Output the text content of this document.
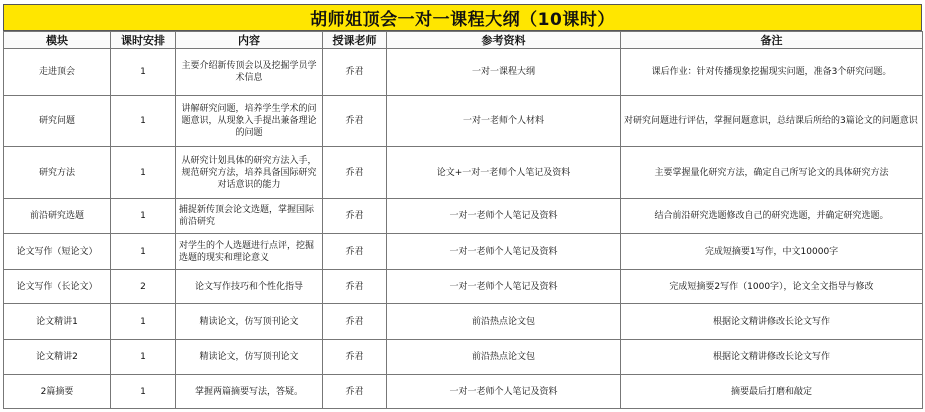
胡师姐顶会一对一课程大纲（10课时）
模块	课时安排	内容	授课老师	参考资料	备注
走进顶会	1	主要介绍新传顶会以及挖掘学员学术信息	乔君	一对一课程大纲	课后作业：针对传播现象挖掘现实问题，准备3个研究问题。
研究问题	1	讲解研究问题，培养学生学术的问题意识，从现象入手提出兼备理论的问题	乔君	一对一老师个人材料	对研究问题进行评估，掌握问题意识，总结课后所给的3篇论文的问题意识
研究方法	1	从研究计划具体的研究方法入手，规范研究方法，培养具备国际研究对话意识的能力	乔君	论文+一对一老师个人笔记及资料	主要掌握量化研究方法，确定自己所写论文的具体研究方法
前沿研究选题	1	捕捉新传顶会论文选题，掌握国际前沿研究	乔君	一对一老师个人笔记及资料	结合前沿研究选题修改自己的研究选题，并确定研究选题。
论文写作（短论文）	1	对学生的个人选题进行点评，挖掘选题的现实和理论意义	乔君	一对一老师个人笔记及资料	完成短摘要1写作，中文10000字
论文写作（长论文）	2	论文写作技巧和个性化指导	乔君	一对一老师个人笔记及资料	完成短摘要2写作（1000字），论文全文指导与修改
论文精讲1	1	精读论文，仿写顶刊论文	乔君	前沿热点论文包	根据论文精讲修改长论文写作
论文精讲2	1	精读论文，仿写顶刊论文	乔君	前沿热点论文包	根据论文精讲修改长论文写作
2篇摘要	1	掌握两篇摘要写法，答疑。	乔君	一对一老师个人笔记及资料	摘要最后打磨和敲定
